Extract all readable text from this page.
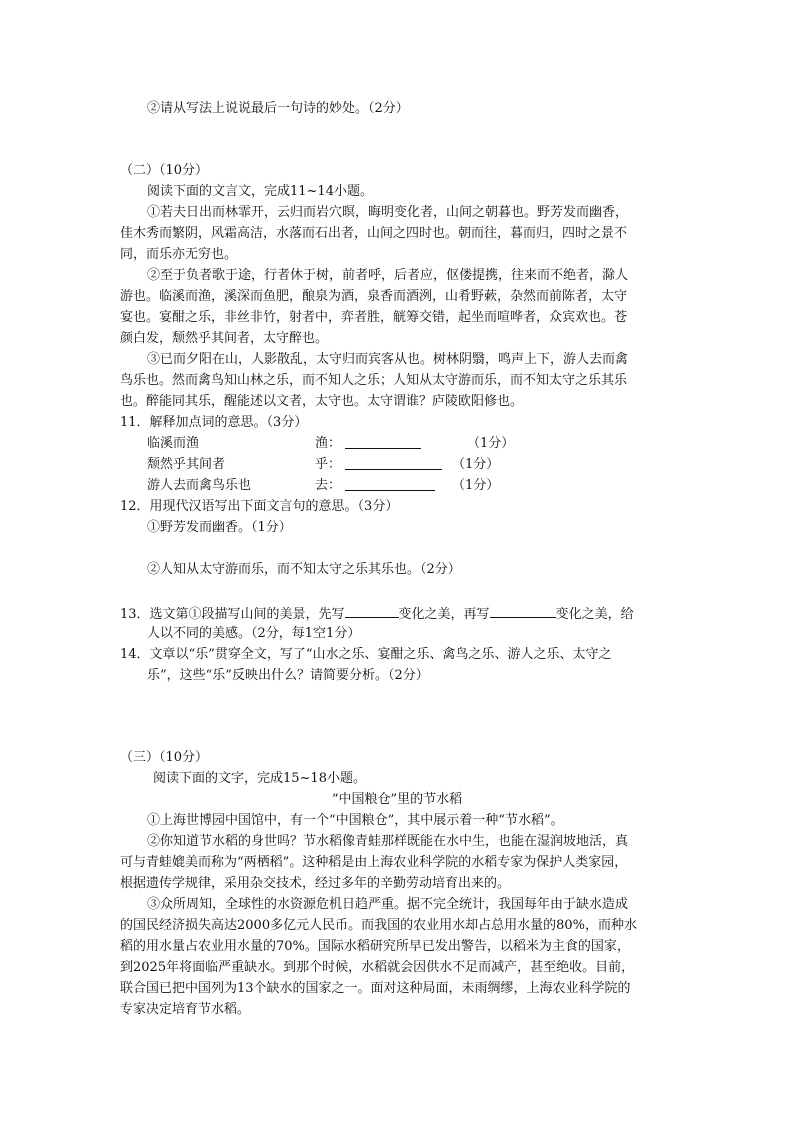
②请从写法上说说最后一句诗的妙处。（2分）
（二）（10分）
阅读下面的文言文，完成11~14小题。
①若夫日出而林霏开，云归而岩穴暝，晦明变化者，山间之朝暮也。野芳发而幽香，
佳木秀而繁阴，风霜高洁，水落而石出者，山间之四时也。朝而往，暮而归，四时之景不
同，而乐亦无穷也。
②至于负者歌于途，行者休于树，前者呼，后者应，伛偻提携，往来而不绝者，滁人
游也。临溪而渔，溪深而鱼肥，酿泉为酒，泉香而酒洌，山肴野蔌，杂然而前陈者，太守
宴也。宴酣之乐，非丝非竹，射者中，弈者胜，觥筹交错，起坐而喧哗者，众宾欢也。苍
颜白发，颓然乎其间者，太守醉也。
③已而夕阳在山，人影散乱，太守归而宾客从也。树林阴翳，鸣声上下，游人去而禽
鸟乐也。然而禽鸟知山林之乐，而不知人之乐；人知从太守游而乐，而不知太守之乐其乐
也。醉能同其乐，醒能述以文者，太守也。太守谓谁？庐陵欧阳修也。
11．解释加点词的意思。（3分）
临溪而渔	渔：	（1分）
颓然乎其间者	乎：	（1分）
游人去而禽鸟乐也	去：	（1分）
12．用现代汉语写出下面文言句的意思。（3分）
①野芳发而幽香。（1分）
②人知从太守游而乐，而不知太守之乐其乐也。（2分）
13．选文第①段描写山间的美景，先写	变化之美，再写	变化之美，给
人以不同的美感。（2分，每1空1分）
14．文章以“乐”贯穿全文，写了“山水之乐、宴酣之乐、禽鸟之乐、游人之乐、太守之
乐”，这些“乐”反映出什么？请简要分析。（2分）
（三）（10分）
阅读下面的文字，完成15~18小题。
“中国粮仓”里的节水稻
①上海世博园中国馆中，有一个“中国粮仓”，其中展示着一种“节水稻”。
②你知道节水稻的身世吗？节水稻像青蛙那样既能在水中生，也能在湿润坡地活，真
可与青蛙媲美而称为“两栖稻”。这种稻是由上海农业科学院的水稻专家为保护人类家园，
根据遗传学规律，采用杂交技术，经过多年的辛勤劳动培育出来的。
③众所周知，全球性的水资源危机日趋严重。据不完全统计，我国每年由于缺水造成
的国民经济损失高达2000多亿元人民币。而我国的农业用水却占总用水量的80%，而种水
稻的用水量占农业用水量的70%。国际水稻研究所早已发出警告，以稻米为主食的国家，
到2025年将面临严重缺水。到那个时候，水稻就会因供水不足而减产，甚至绝收。目前，
联合国已把中国列为13个缺水的国家之一。面对这种局面，未雨绸缪，上海农业科学院的
专家决定培育节水稻。
